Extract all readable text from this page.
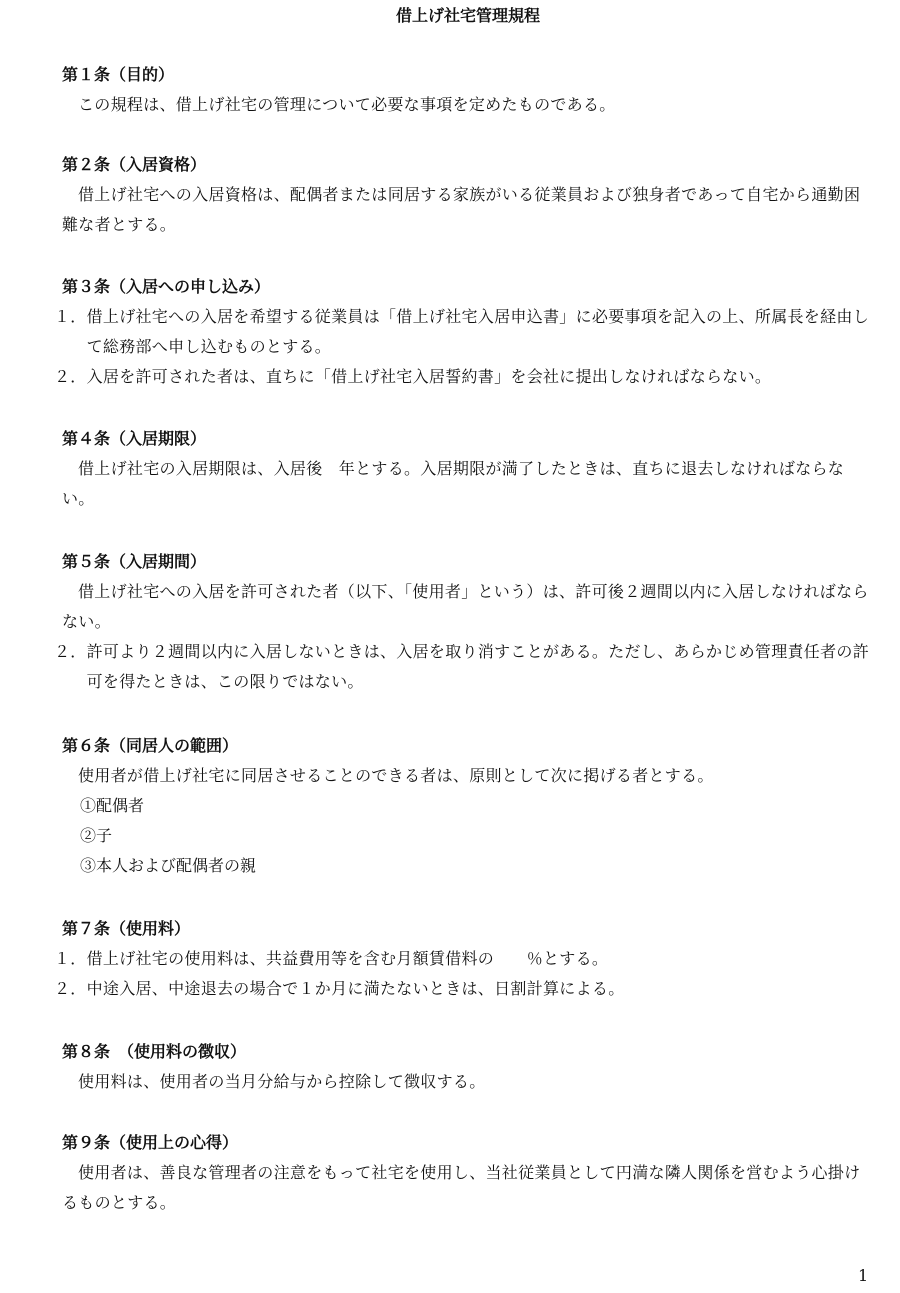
借上げ社宅管理規程
第１条（目的）
この規程は、借上げ社宅の管理について必要な事項を定めたものである。
第２条（入居資格）
借上げ社宅への入居資格は、配偶者または同居する家族がいる従業員および独身者であって自宅から通勤困難な者とする。
第３条（入居への申し込み）
１． 借上げ社宅への入居を希望する従業員は「借上げ社宅入居申込書」に必要事項を記入の上、所属長を経由して総務部へ申し込むものとする。
２． 入居を許可された者は、直ちに「借上げ社宅入居誓約書」を会社に提出しなければならない。
第４条（入居期限）
借上げ社宅の入居期限は、入居後　年とする。入居期限が満了したときは、直ちに退去しなければならない。
第５条（入居期間）
借上げ社宅への入居を許可された者（以下、「使用者」という）は、許可後２週間以内に入居しなければならない。
２． 許可より２週間以内に入居しないときは、入居を取り消すことがある。ただし、あらかじめ管理責任者の許可を得たときは、この限りではない。
第６条（同居人の範囲）
使用者が借上げ社宅に同居させることのできる者は、原則として次に掲げる者とする。
①配偶者
②子
③本人および配偶者の親
第７条（使用料）
１． 借上げ社宅の使用料は、共益費用等を含む月額賃借料の　　％とする。
２． 中途入居、中途退去の場合で１か月に満たないときは、日割計算による。
第８条　（使用料の徴収）
使用料は、使用者の当月分給与から控除して徴収する。
第９条（使用上の心得）
使用者は、善良な管理者の注意をもって社宅を使用し、当社従業員として円満な隣人関係を営むよう心掛けるものとする。
1
